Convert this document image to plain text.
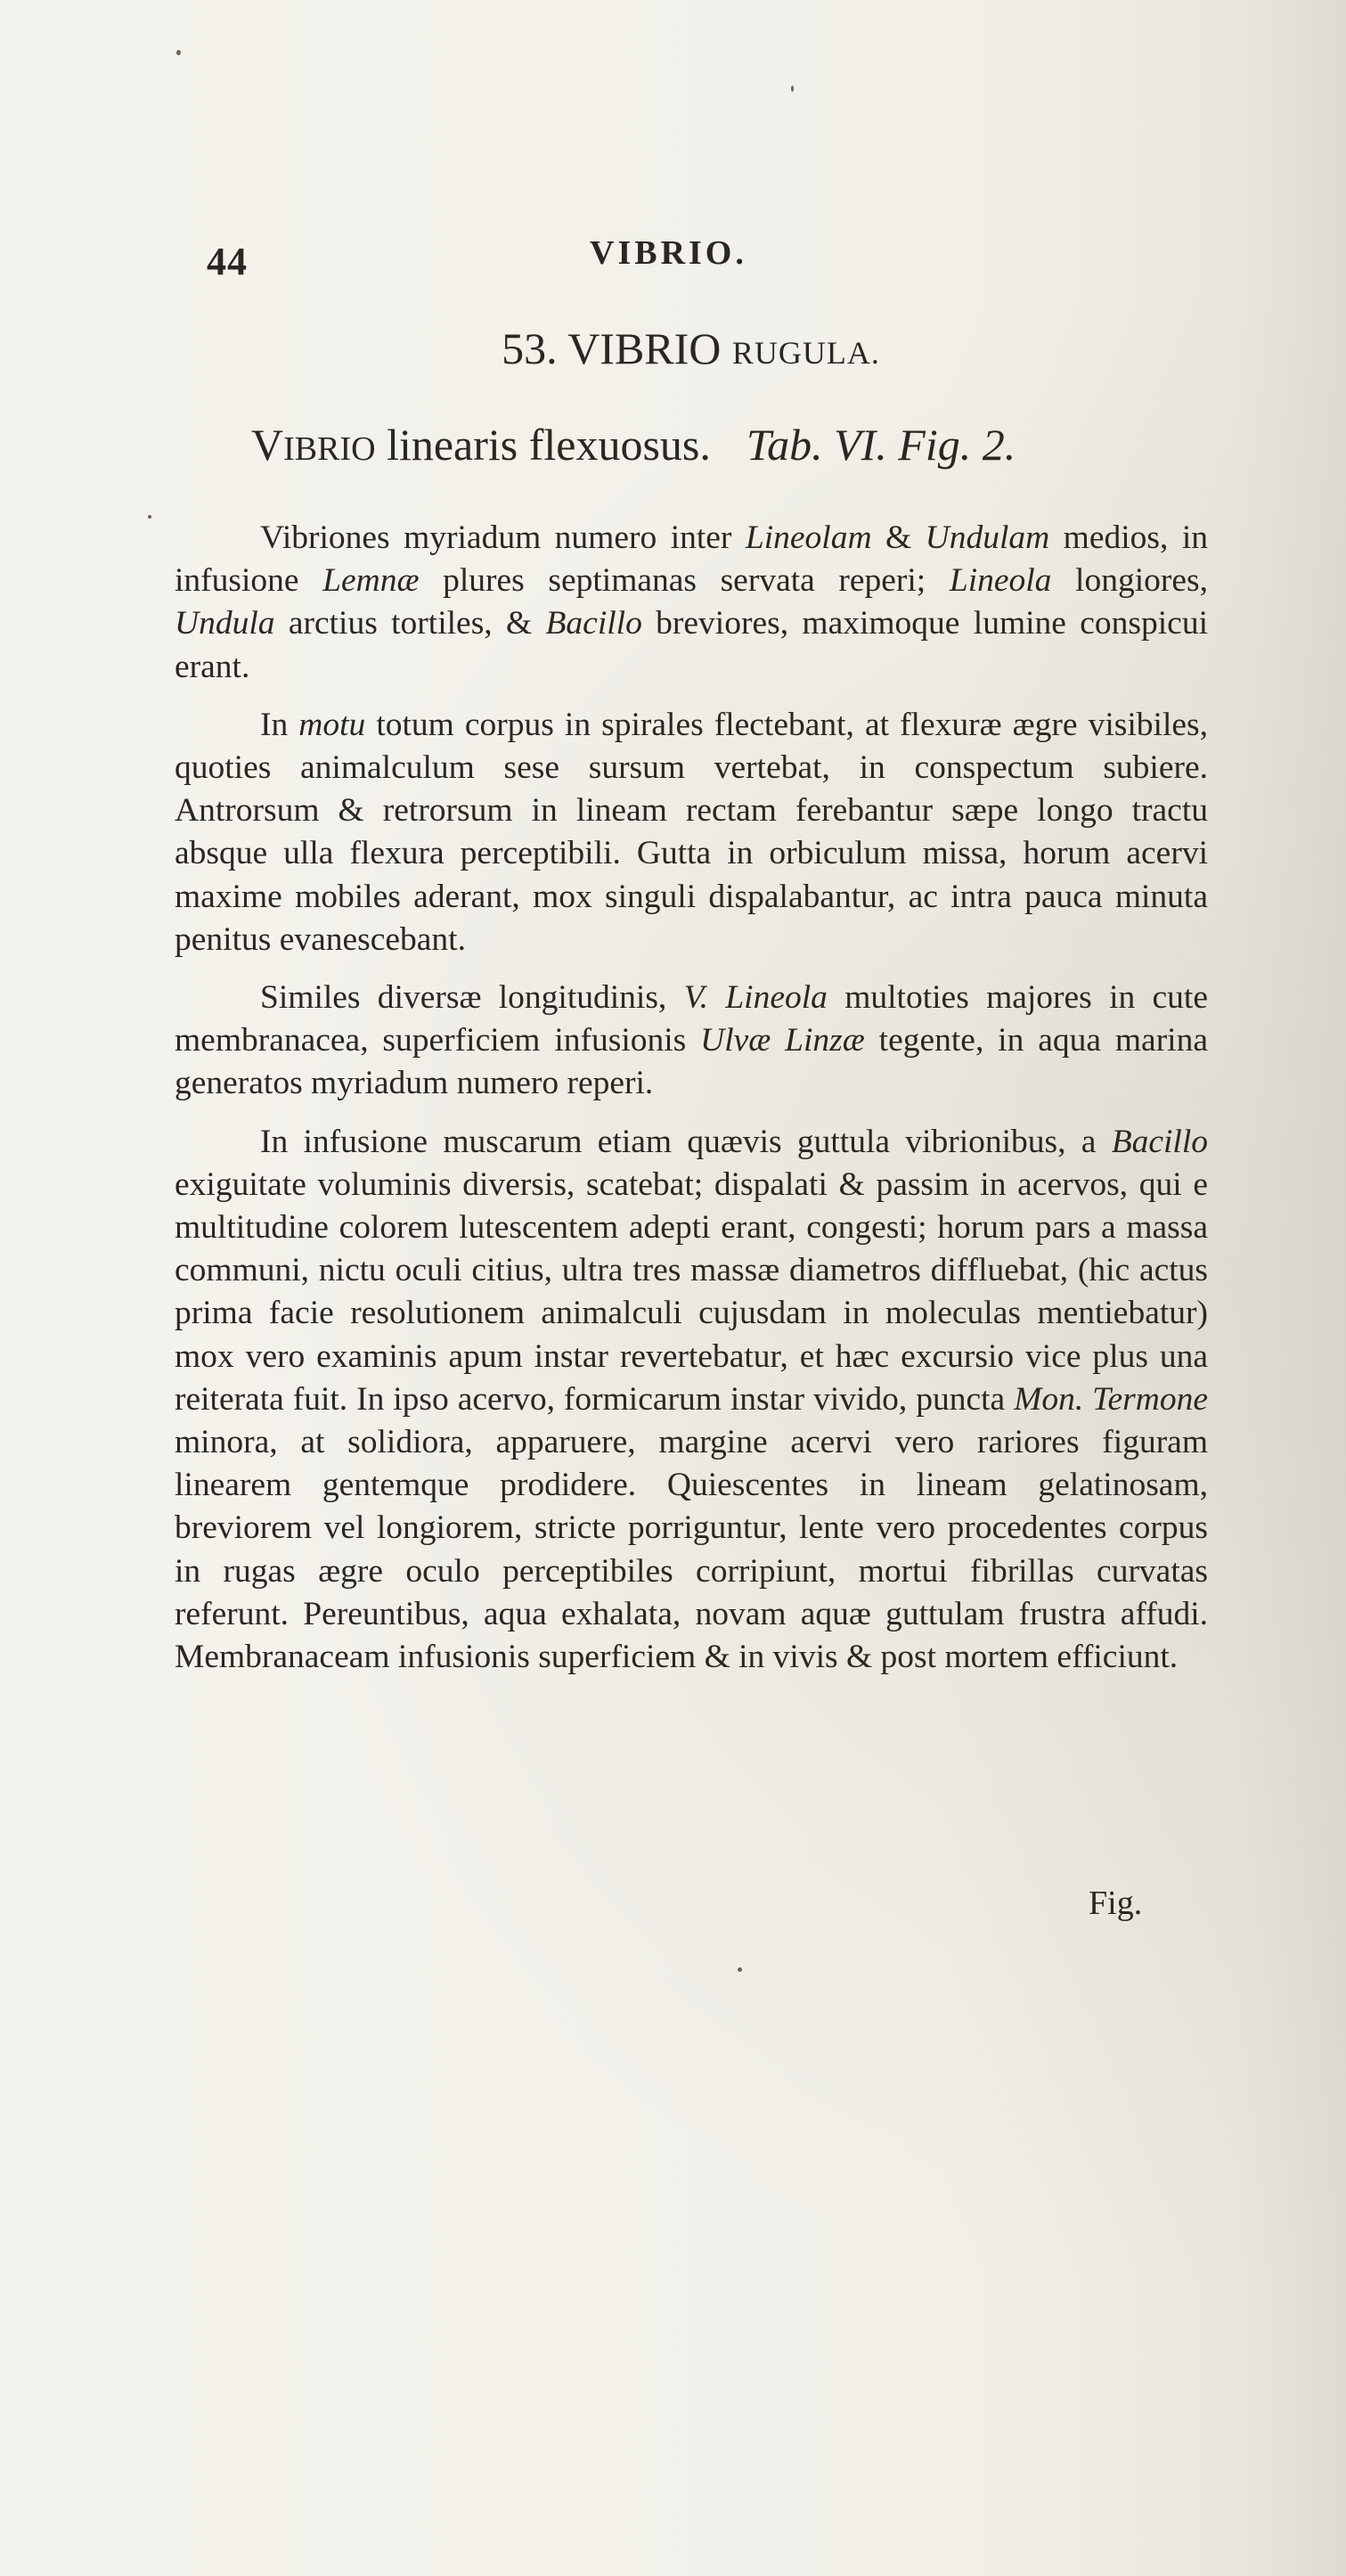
44	VIBRIO.
53. VIBRIO RUGULA.
VIBRIO linearis flexuosus. Tab. VI. Fig. 2.

Vibriones myriadum numero inter Lineolam & Undulam medios, in infusione Lemnæ plures septimanas servata reperi; Lineola longiores, Undula arctius tortiles, & Bacillo breviores, maximoque lumine conspicui erant.

In motu totum corpus in spirales flectebant, at flexuræ ægre visibiles, quoties animalculum sese sursum vertebat, in conspectum subiere. Antrorsum & retrorsum in lineam rectam ferebantur sæpe longo tractu absque ulla flexura perceptibili. Gutta in orbiculum missa, horum acervi maxime mobiles aderant, mox singuli dispalabantur, ac intra pauca minuta penitus evanescebant.

Similes diversæ longitudinis, V. Lineola multoties majores in cute membranacea, superficiem infusionis Ulvæ Linzæ tegente, in aqua marina generatos myriadum numero reperi.

In infusione muscarum etiam quævis guttula vibrionibus, a Bacillo exiguitate voluminis diversis, scatebat; dispalati & passim in acervos, qui e multitudine colorem lutescentem adepti erant, congesti; horum pars a massa communi, nictu oculi citius, ultra tres massæ diametros diffluebat, (hic actus prima facie resolutionem animalculi cujusdam in moleculas mentiebatur) mox vero examinis apum instar revertebatur, et hæc excursio vice plus una reiterata fuit. In ipso acervo, formicarum instar vivido, puncta Mon. Termone minora, at solidiora, apparuere, margine acervi vero rariores figuram linearem gentemque prodidere. Quiescentes in lineam gelatinosam, breviorem vel longiorem, stricte porriguntur, lente vero procedentes corpus in rugas ægre oculo perceptibiles corripiunt, mortui fibrillas curvatas referunt. Pereuntibus, aqua exhalata, novam aquæ guttulam frustra affudi. Membranaceam infusionis superficiem & in vivis & post mortem efficiunt.

Fig.
